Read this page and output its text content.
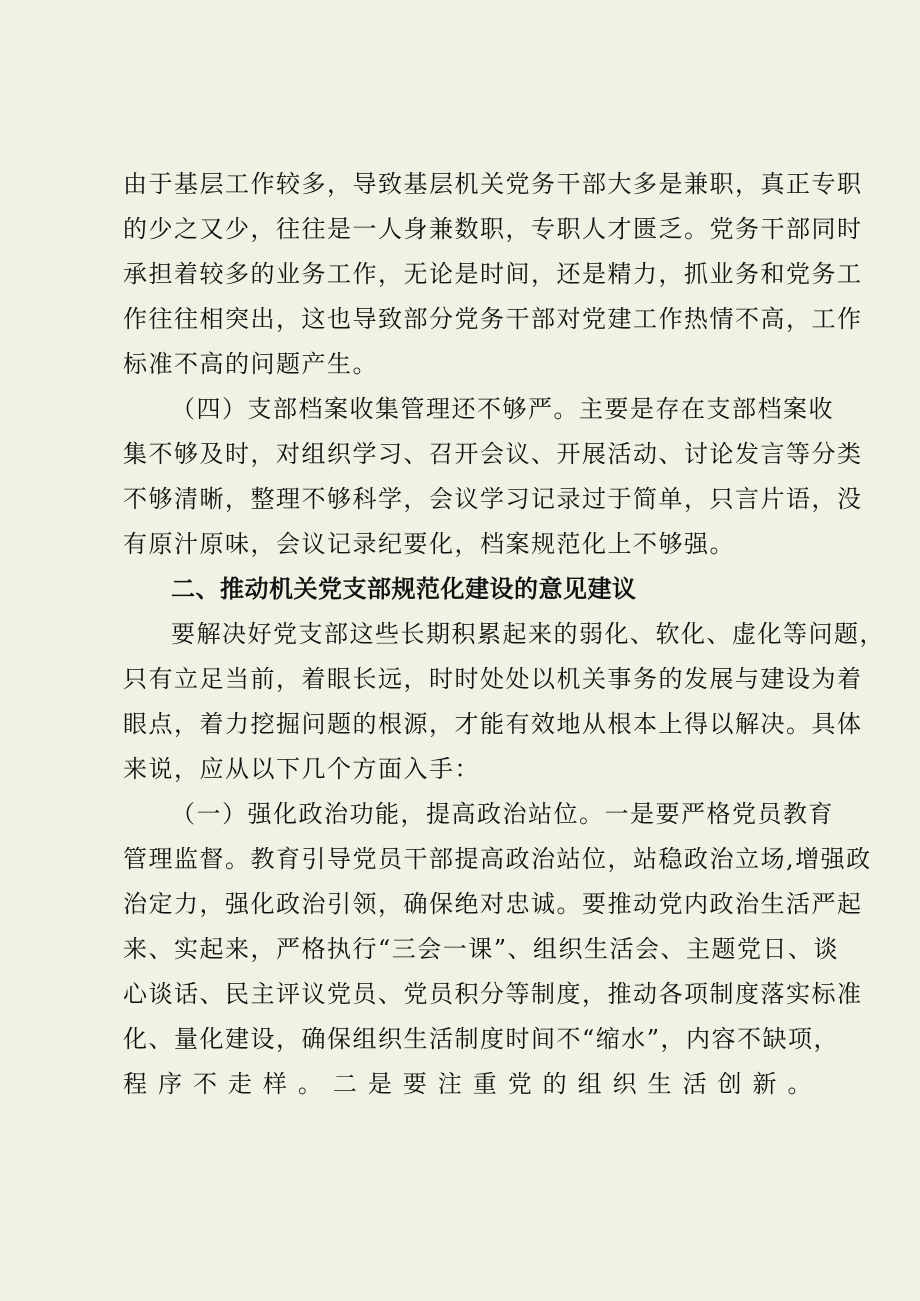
由于基层工作较多，导致基层机关党务干部大多是兼职，真正专职
的少之又少，往往是一人身兼数职，专职人才匮乏。党务干部同时
承担着较多的业务工作，无论是时间，还是精力，抓业务和党务工
作往往相突出，这也导致部分党务干部对党建工作热情不高，工作
标准不高的问题产生。
（四）支部档案收集管理还不够严。主要是存在支部档案收
集不够及时，对组织学习、召开会议、开展活动、讨论发言等分类
不够清晰，整理不够科学，会议学习记录过于简单，只言片语，没
有原汁原味，会议记录纪要化，档案规范化上不够强。
二、推动机关党支部规范化建设的意见建议
要解决好党支部这些长期积累起来的弱化、软化、虚化等问题，
只有立足当前，着眼长远，时时处处以机关事务的发展与建设为着
眼点，着力挖掘问题的根源，才能有效地从根本上得以解决。具体
来说，应从以下几个方面入手：
（一）强化政治功能，提高政治站位。一是要严格党员教育
管理监督。教育引导党员干部提高政治站位，站稳政治立场,增强政
治定力，强化政治引领，确保绝对忠诚。要推动党内政治生活严起
来、实起来，严格执行“三会一课”、组织生活会、主题党日、谈
心谈话、民主评议党员、党员积分等制度，推动各项制度落实标准
化、量化建设，确保组织生活制度时间不“缩水”，内容不缺项，
程序不走样。二是要注重党的组织生活创新。
